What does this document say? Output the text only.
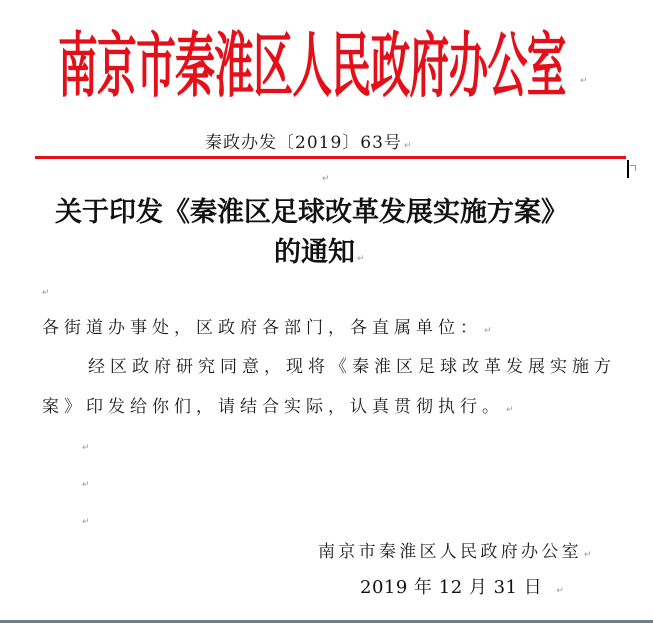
南京市秦淮区人民政府办公室	↵
秦政办发〔2019〕63号 ↵
↵
关于印发《秦淮区足球改革发展实施方案》
的通知 ↵
↵
各街道办事处，区政府各部门，各直属单位： ↵
经区政府研究同意，现将《秦淮区足球改革发展实施方
案》印发给你们，请结合实际，认真贯彻执行。 ↵
↵
↵
↵
南京市秦淮区人民政府办公室 ↵
2019 年 12 月 31 日 ↵
